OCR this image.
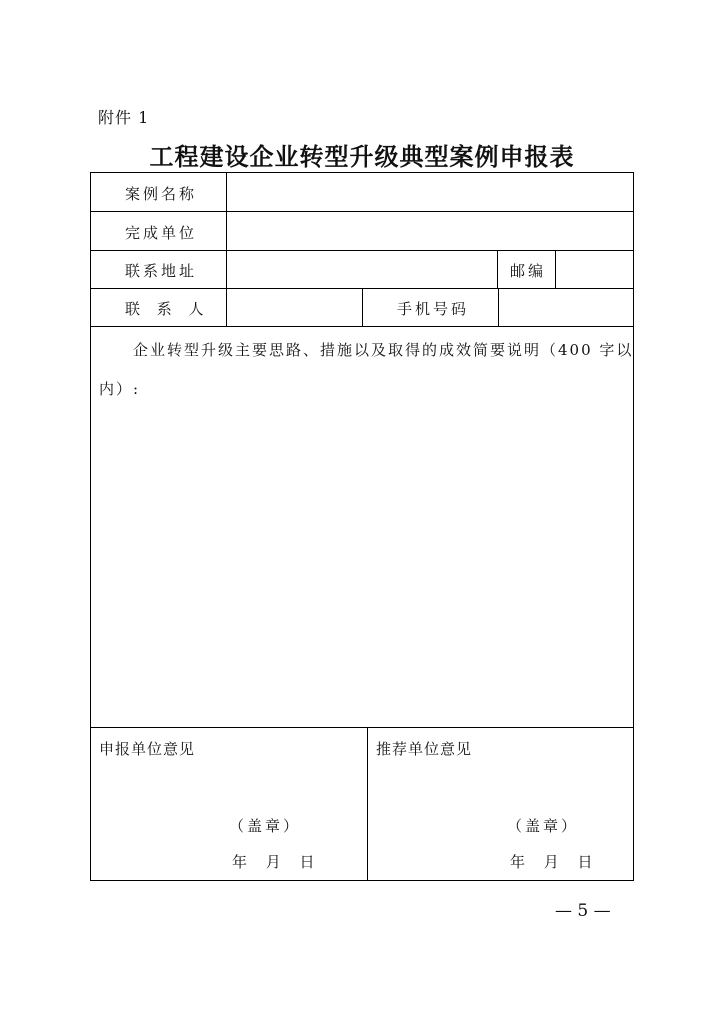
附件 1
工程建设企业转型升级典型案例申报表
案例名称
完成单位
联系地址	邮编
联 系 人	手机号码
企业转型升级主要思路、措施以及取得的成效简要说明（400 字以
内）:
申报单位意见	推荐单位意见
（盖章）	（盖章）
年 月 日	年 月 日
— 5 —
